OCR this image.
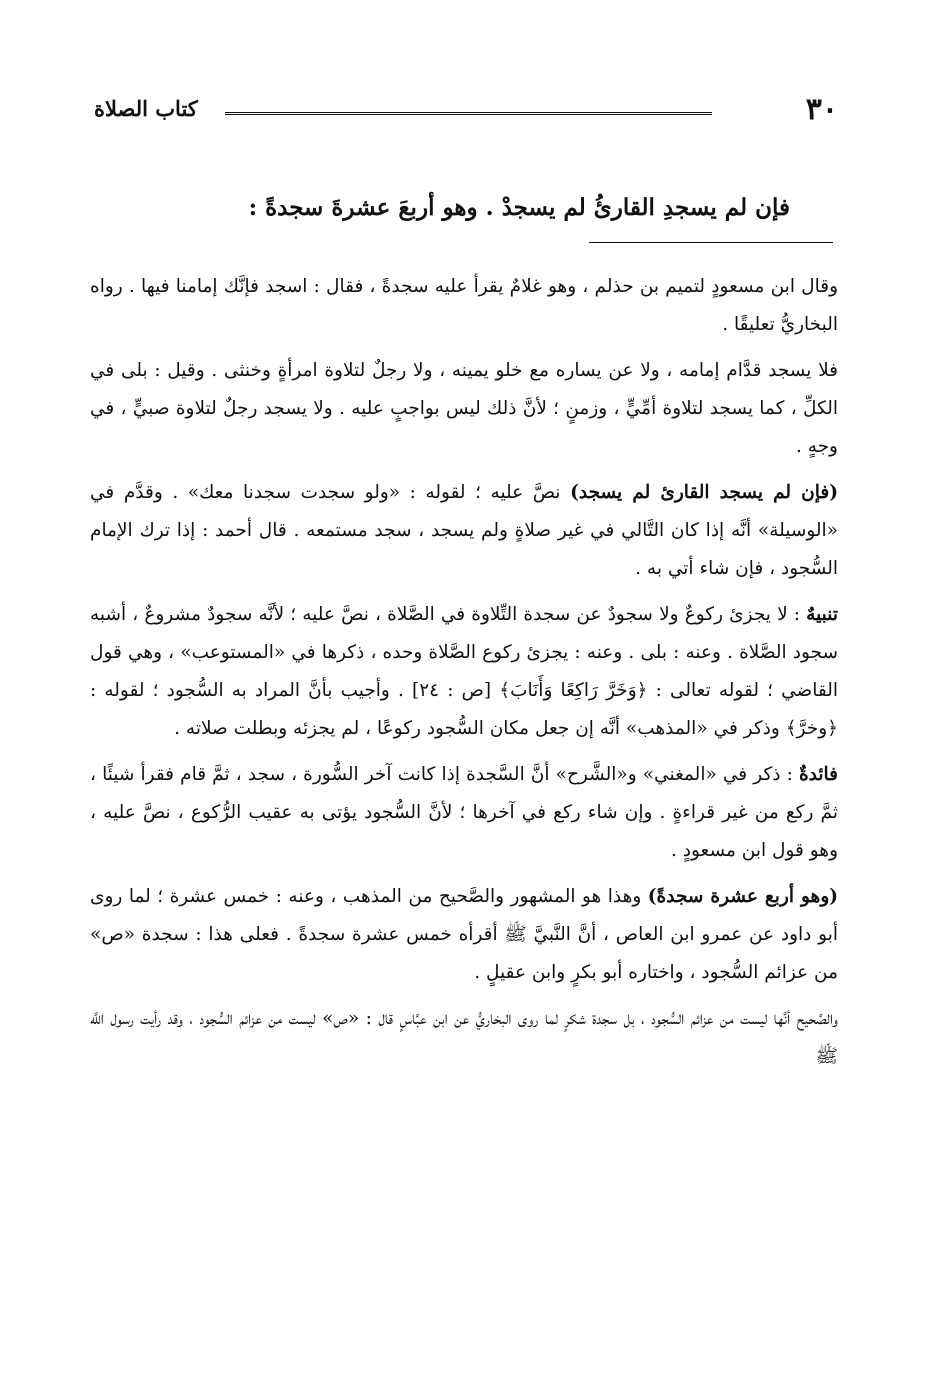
٣٠
كتاب الصلاة
فإن لم يسجدِ القارئُ لم يسجدْ . وهو أربعَ عشرةَ سجدةً :

وقال ابن مسعودٍ لتميم بن حذلم ، وهو غلامٌ يقرأ عليه سجدةً ، فقال : اسجد فإنَّك إمامنا فيها . رواه البخاريُّ تعليقًا .

فلا يسجد قدَّام إمامه ، ولا عن يساره مع خلو يمينه ، ولا رجلٌ لتلاوة امرأةٍ وخنثى . وقيل : بلى في الكلِّ ، كما يسجد لتلاوة أمِّيٍّ ، وزمنٍ ؛ لأنَّ ذلك ليس بواجبٍ عليه . ولا يسجد رجلٌ لتلاوة صبيٍّ ، في وجهٍ .

(فإن لم يسجد القارئ لم يسجد) نصَّ عليه ؛ لقوله : «ولو سجدت سجدنا معك» . وقدَّم في «الوسيلة» أنَّه إذا كان التَّالي في غير صلاةٍ ولم يسجد ، سجد مستمعه . قال أحمد : إذا ترك الإمام السُّجود ، فإن شاء أتي به .

تنبيهٌ : لا يجزئ ركوعٌ ولا سجودٌ عن سجدة التِّلاوة في الصَّلاة ، نصَّ عليه ؛ لأنَّه سجودٌ مشروعٌ ، أشبه سجود الصَّلاة . وعنه : بلى . وعنه : يجزئ ركوع الصَّلاة وحده ، ذكرها في «المستوعب» ، وهي قول القاضي ؛ لقوله تعالى : ﴿وَخَرَّ رَاكِعًا وَأَنَابَ﴾ [ص : ٢٤] . وأجيب بأنَّ المراد به السُّجود ؛ لقوله : ﴿وخرَّ﴾ وذكر في «المذهب» أنَّه إن جعل مكان السُّجود ركوعًا ، لم يجزئه وبطلت صلاته .

فائدةٌ : ذكر في «المغني» و«الشَّرح» أنَّ السَّجدة إذا كانت آخر السُّورة ، سجد ، ثمَّ قام فقرأ شيئًا ، ثمَّ ركع من غير قراءةٍ . وإن شاء ركع في آخرها ؛ لأنَّ السُّجود يؤتى به عقيب الرُّكوع ، نصَّ عليه ، وهو قول ابن مسعودٍ .

(وهو أربع عشرة سجدةً) وهذا هو المشهور والصَّحيح من المذهب ، وعنه : خمس عشرة ؛ لما روى أبو داود عن عمرو ابن العاص ، أنَّ النَّبيَّ ﷺ أقرأه خمس عشرة سجدةً . فعلى هذا : سجدة «ص» من عزائم السُّجود ، واختاره أبو بكرٍ وابن عقيلٍ .

والصَّحيح أنَّها ليست من عزائم السُّجود ، بل سجدة شكرٍ لما روى البخاريُّ عن ابن عبَّاسٍ قال : «ص» ليست من عزائم السُّجود ، وقد رأيت رسول اللَّه ﷺ
